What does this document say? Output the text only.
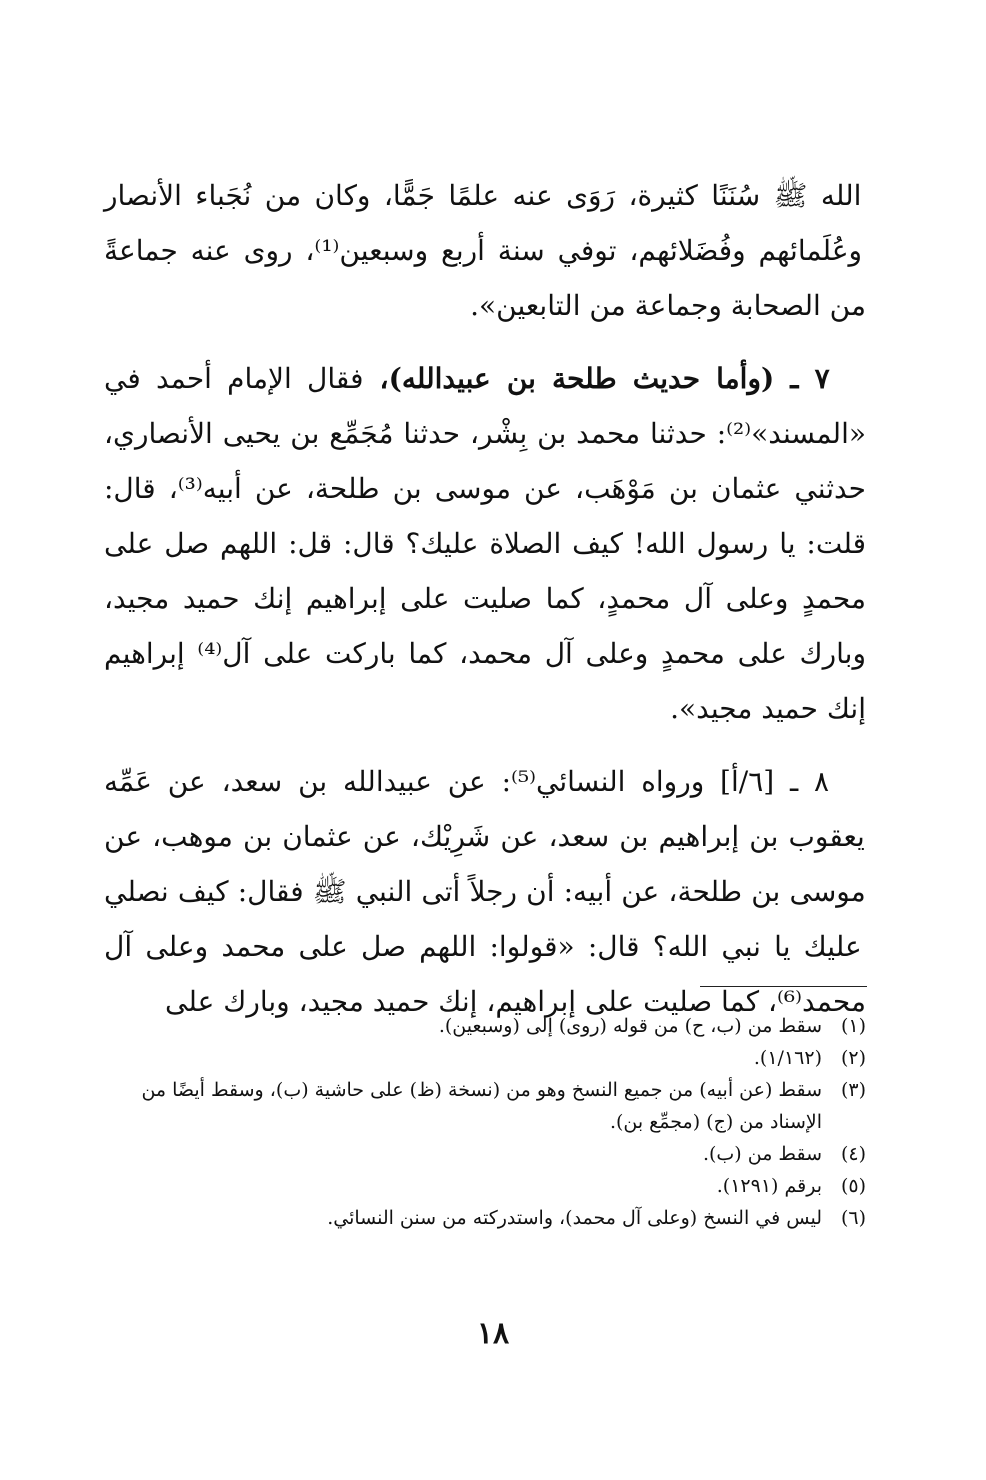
الله ﷺ سُنَنًا كثيرة، رَوَى عنه علمًا جَمًّا، وكان من نُجَباء الأنصار وعُلَمائهم وفُضَلائهم، توفي سنة أربع وسبعين⁽¹⁾، روى عنه جماعةً من الصحابة وجماعة من التابعين».

٧ ـ (وأما حديث طلحة بن عبيدالله)، فقال الإمام أحمد في «المسند»⁽²⁾: حدثنا محمد بن بِشْر، حدثنا مُجَمِّع بن يحيى الأنصاري، حدثني عثمان بن مَوْهَب، عن موسى بن طلحة، عن أبيه⁽³⁾، قال: قلت: يا رسول الله! كيف الصلاة عليك؟ قال: قل: اللهم صل على محمدٍ وعلى آل محمدٍ، كما صليت على إبراهيم إنك حميد مجيد، وبارك على محمدٍ وعلى آل محمد، كما باركت على آل⁽⁴⁾ إبراهيم إنك حميد مجيد».

٨ ـ [٦/أ] ورواه النسائي⁽⁵⁾: عن عبيدالله بن سعد، عن عَمِّه يعقوب بن إبراهيم بن سعد، عن شَرِيْك، عن عثمان بن موهب، عن موسى بن طلحة، عن أبيه: أن رجلاً أتى النبي ﷺ فقال: كيف نصلي عليك يا نبي الله؟ قال: «قولوا: اللهم صل على محمد وعلى آل محمد⁽⁶⁾، كما صليت على إبراهيم، إنك حميد مجيد، وبارك على

(١)
سقط من (ب، ح) من قوله (روى) إلى (وسبعين).

(٢)
(١/١٦٢).

(٣)
سقط (عن أبيه) من جميع النسخ وهو من (نسخة (ظ) على حاشية (ب)، وسقط أيضًا من الإسناد من (ج) (مجمِّع بن).

(٤)
سقط من (ب).

(٥)
برقم (١٢٩١).

(٦)
ليس في النسخ (وعلى آل محمد)، واستدركته من سنن النسائي.

١٨
